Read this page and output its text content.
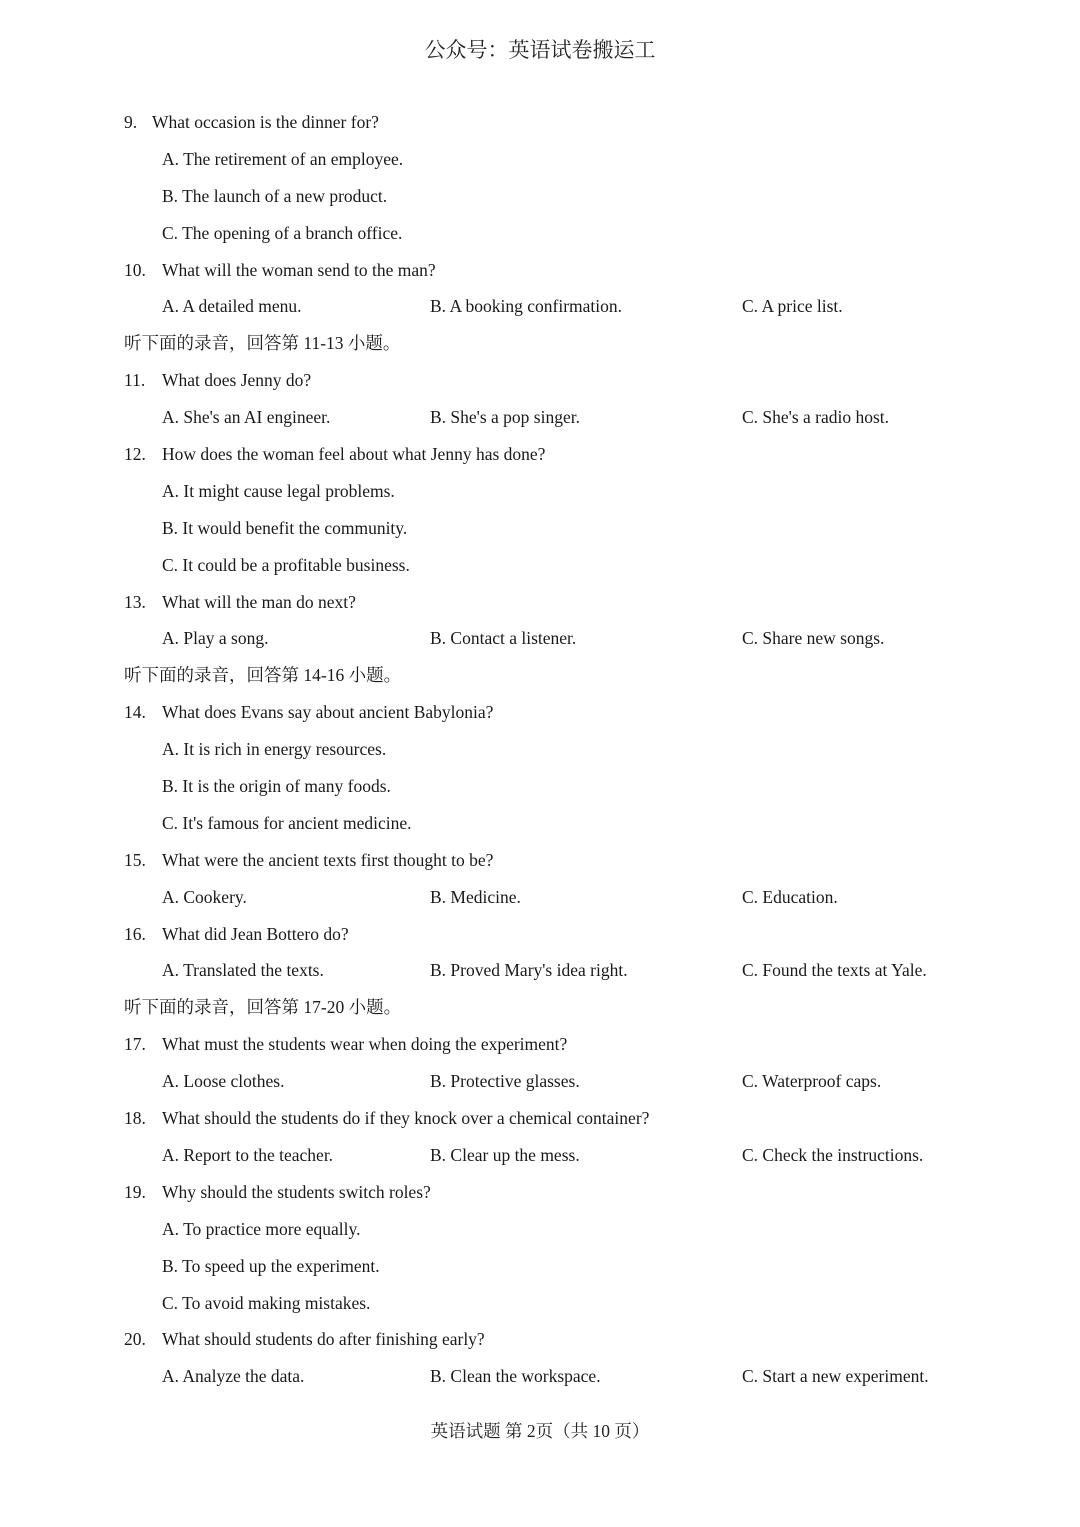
公众号：英语试卷搬运工
9. What occasion is the dinner for?
A. The retirement of an employee.
B. The launch of a new product.
C. The opening of a branch office.
10. What will the woman send to the man?
A. A detailed menu.	B. A booking confirmation.	C. A price list.
听下面的录音，回答第 11-13 小题。
11. What does Jenny do?
A. She's an AI engineer.	B. She's a pop singer.	C. She's a radio host.
12. How does the woman feel about what Jenny has done?
A. It might cause legal problems.
B. It would benefit the community.
C. It could be a profitable business.
13. What will the man do next?
A. Play a song.	B. Contact a listener.	C. Share new songs.
听下面的录音，回答第 14-16 小题。
14. What does Evans say about ancient Babylonia?
A. It is rich in energy resources.
B. It is the origin of many foods.
C. It's famous for ancient medicine.
15. What were the ancient texts first thought to be?
A. Cookery.	B. Medicine.	C. Education.
16. What did Jean Bottero do?
A. Translated the texts.	B. Proved Mary's idea right.	C. Found the texts at Yale.
听下面的录音，回答第 17-20 小题。
17. What must the students wear when doing the experiment?
A. Loose clothes.	B. Protective glasses.	C. Waterproof caps.
18. What should the students do if they knock over a chemical container?
A. Report to the teacher.	B. Clear up the mess.	C. Check the instructions.
19. Why should the students switch roles?
A. To practice more equally.
B. To speed up the experiment.
C. To avoid making mistakes.
20. What should students do after finishing early?
A. Analyze the data.	B. Clean the workspace.	C. Start a new experiment.
英语试题 第 2页（共 10 页）
